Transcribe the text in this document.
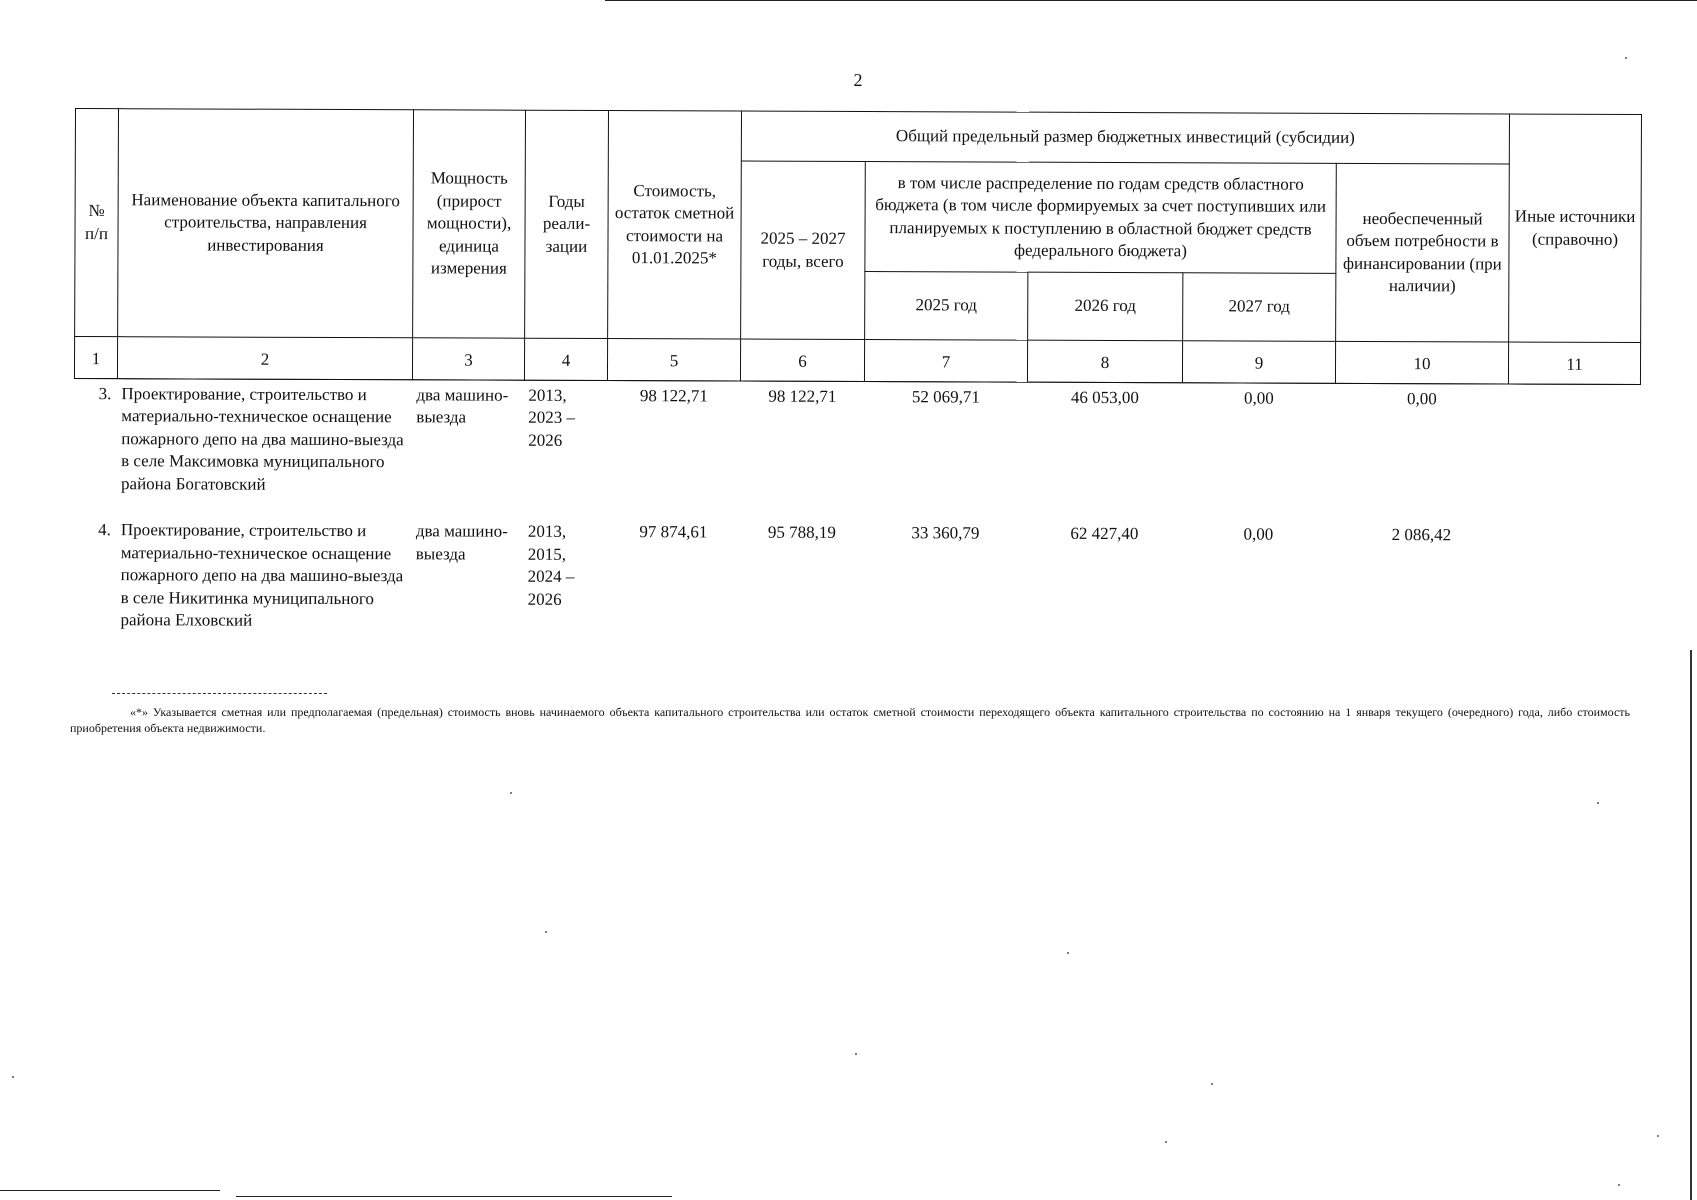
2
№ п/п	Наименование объекта капитального строительства, направления инвестирования	Мощность (прирост мощности), единица измерения	Годы реали-зации	Стоимость, остаток сметной стоимости на 01.01.2025*	Общий предельный размер бюджетных инвестиций (субсидии)					Иные источники (справочно)
					2025 – 2027 годы, всего	в том числе распределение по годам средств областного бюджета (в том числе формируемых за счет поступивших или планируемых к поступлению в областной бюджет средств федерального бюджета)			необеспеченный объем потребности в финансировании (при наличии)	
						2025 год	2026 год	2027 год		
1	2	3	4	5	6	7	8	9	10	11
3.	Проектирование, строительство и материально-техническое оснащение пожарного депо на два машино-выезда в селе Максимовка муниципального района Богатовский	два машино-выезда	2013, 2023 – 2026	98 122,71	98 122,71	52 069,71	46 053,00	0,00	0,00	
4.	Проектирование, строительство и материально-техническое оснащение пожарного депо на два машино-выезда в селе Никитинка муниципального района Елховский	два машино-выезда	2013, 2015, 2024 – 2026	97 874,61	95 788,19	33 360,79	62 427,40	0,00	2 086,42	
«*» Указывается сметная или предполагаемая (предельная) стоимость вновь начинаемого объекта капитального строительства или остаток сметной стоимости переходящего объекта капитального строительства по состоянию на 1 января текущего (очередного) года, либо стоимость приобретения объекта недвижимости.
